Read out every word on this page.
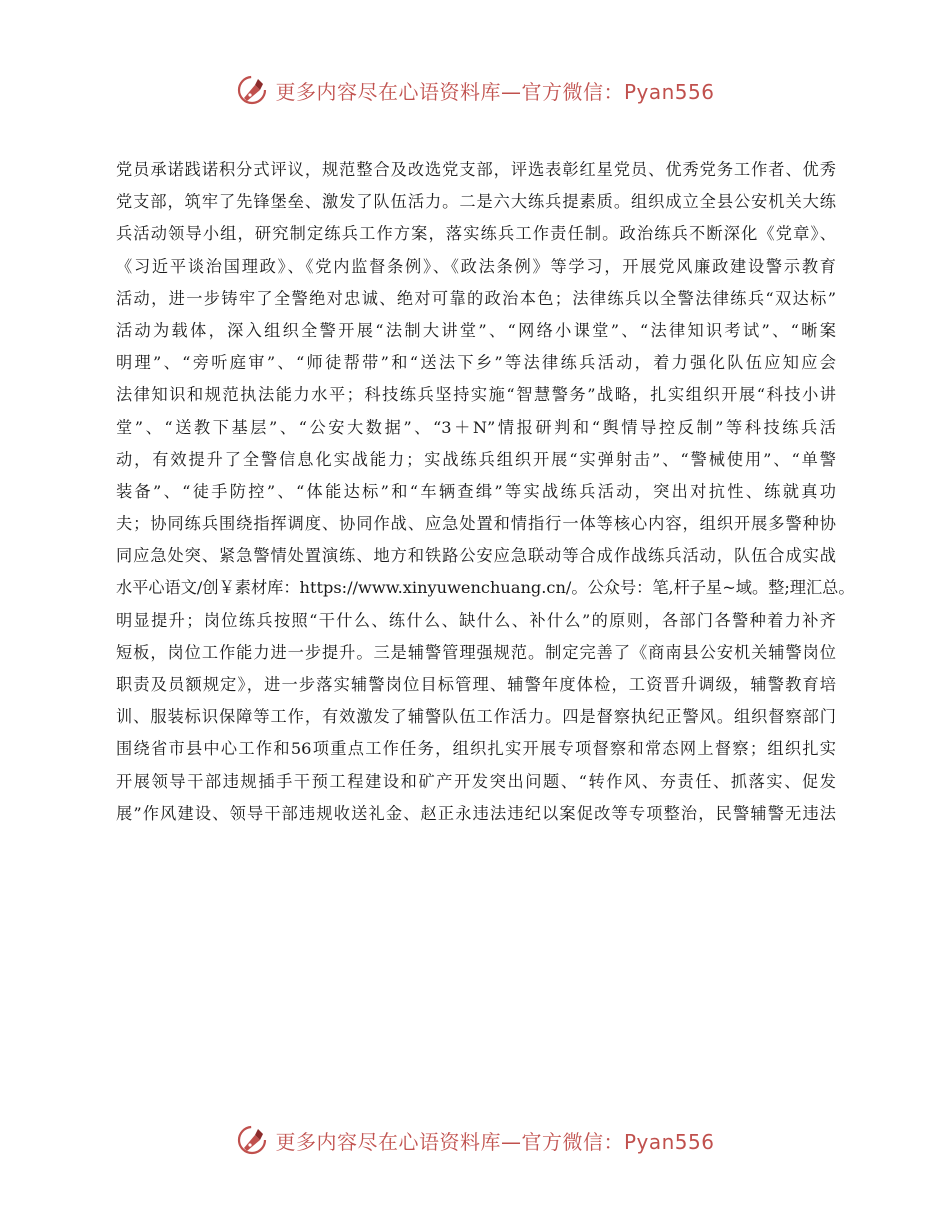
更多内容尽在心语资料库—官方微信：Pyan556
党员承诺践诺积分式评议，规范整合及改选党支部，评选表彰红星党员、优秀党务工作者、优秀
党支部，筑牢了先锋堡垒、激发了队伍活力。二是六大练兵提素质。组织成立全县公安机关大练
兵活动领导小组，研究制定练兵工作方案，落实练兵工作责任制。政治练兵不断深化《党章》、
《习近平谈治国理政》、《党内监督条例》、《政法条例》等学习，开展党风廉政建设警示教育
活动，进一步铸牢了全警绝对忠诚、绝对可靠的政治本色；法律练兵以全警法律练兵“双达标”
活动为载体，深入组织全警开展“法制大讲堂”、“网络小课堂”、“法律知识考试”、“晰案
明理”、“旁听庭审”、“师徒帮带”和“送法下乡”等法律练兵活动，着力强化队伍应知应会
法律知识和规范执法能力水平；科技练兵坚持实施“智慧警务”战略，扎实组织开展“科技小讲
堂”、“送教下基层”、“公安大数据”、“3＋N”情报研判和“舆情导控反制”等科技练兵活
动，有效提升了全警信息化实战能力；实战练兵组织开展“实弹射击”、“警械使用”、“单警
装备”、“徒手防控”、“体能达标”和“车辆查缉”等实战练兵活动，突出对抗性、练就真功
夫；协同练兵围绕指挥调度、协同作战、应急处置和情指行一体等核心内容，组织开展多警种协
同应急处突、紧急警情处置演练、地方和铁路公安应急联动等合成作战练兵活动，队伍合成实战
水平心语文/创￥素材库：https://www.xinyuwenchuang.cn/。公众号：笔,杆子星~域。整;理汇总。
明显提升；岗位练兵按照“干什么、练什么、缺什么、补什么”的原则，各部门各警种着力补齐
短板，岗位工作能力进一步提升。三是辅警管理强规范。制定完善了《商南县公安机关辅警岗位
职责及员额规定》，进一步落实辅警岗位目标管理、辅警年度体检，工资晋升调级，辅警教育培
训、服装标识保障等工作，有效激发了辅警队伍工作活力。四是督察执纪正警风。组织督察部门
围绕省市县中心工作和56项重点工作任务，组织扎实开展专项督察和常态网上督察；组织扎实
开展领导干部违规插手干预工程建设和矿产开发突出问题、“转作风、夯责任、抓落实、促发
展”作风建设、领导干部违规收送礼金、赵正永违法违纪以案促改等专项整治，民警辅警无违法
更多内容尽在心语资料库—官方微信：Pyan556
